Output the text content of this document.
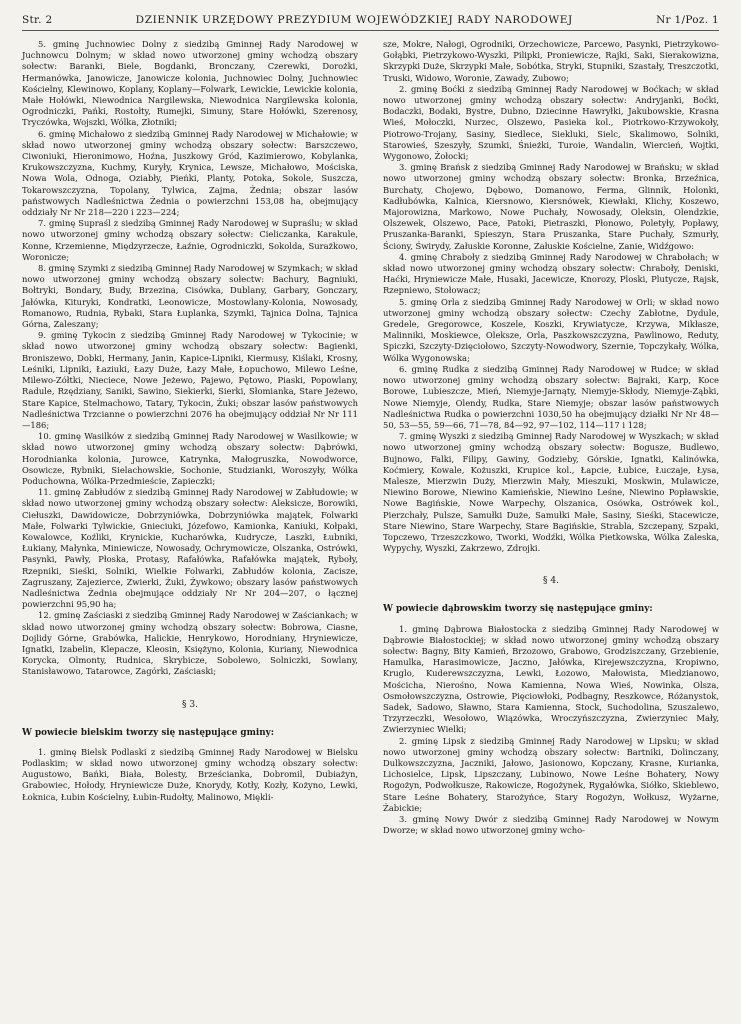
Str. 2	DZIENNIK URZĘDOWY PREZYDIUM WOJEWÓDZKIEJ RADY NARODOWEJ	Nr 1/Poz. 1

5. gminę Juchnowiec Dolny z siedzibą Gminnej Rady Narodowej w Juchnowcu Dolnym; w skład nowo utworzonej gminy wchodzą obszary sołectw: Baranki, Biele, Bogdanki, Bronczany, Czerewki, Dorożki, Hermanówka, Janowicze, Janowicze kolonia, Juchnowiec Dolny, Juchnowiec Kościelny, Klewinowo, Koplany, Koplany—Folwark, Lewickie, Lewickie kolonia, Małe Hołówki, Niewodnica Nargilewska, Niewodnica Nargilewska kolonia, Ogrodniczki, Pańki, Rostołty, Rumejki, Simuny, Stare Hołówki, Szerenosy, Tryczówka, Wojszki, Wólka, Złotniki;

6. gminę Michałowo z siedzibą Gminnej Rady Narodowej w Michałowie; w skład nowo utworzonej gminy wchodzą obszary sołectw: Barszczewo, Ciwoniuki, Hieronimowo, Hoźna, Juszkowy Gród, Kazimierowo, Kobylanka, Krukowszczyzna, Kuchmy, Kuryły, Krynica, Lewsze, Michałowo, Mościska, Nowa Wola, Odnoga, Oziabły, Pieńki, Planty, Potoka, Sokole, Suszcza, Tokarowszczyzna, Topolany, Tylwica, Zajma, Żednia; obszar lasów państwowych Nadleśnictwa Żednia o powierzchni 153,08 ha, obejmujący oddziały Nr Nr 218—220 i 223—224;

7. gminę Supraśl z siedzibą Gminnej Rady Narodowej w Supraślu; w skład nowo utworzonej gminy wchodzą obszary sołectw: Cieliczanka, Karakule, Konne, Krzemienne, Międzyrzecze, Łaźnie, Ogrodniczki, Sokolda, Surażkowo, Woronicze;

8. gminę Szymki z siedzibą Gminnej Rady Narodowej w Szymkach; w skład nowo utworzonej gminy wchodzą obszary sołectw: Bachury, Bagniuki, Bołtryki, Bondary, Budy, Brzezina, Cisówka, Dublany, Garbary, Gonczary, Jałówka, Kituryki, Kondratki, Leonowicze, Mostowlany-Kolonia, Nowosady, Romanowo, Rudnia, Rybaki, Stara Łuplanka, Szymki, Tajnica Dolna, Tajnica Górna, Zaleszany;

9. gminę Tykocin z siedzibą Gminnej Rady Narodowej w Tykocinie; w skład nowo utworzonej gminy wchodzą obszary sołectw: Bagienki, Broniszewo, Dobki, Hermany, Janin, Kapice-Lipniki, Kiermusy, Kiślaki, Krosny, Leśniki, Lipniki, Łaziuki, Łazy Duże, Łazy Małe, Łopuchowo, Milewo Leśne, Milewo-Zółtki, Nieciece, Nowe Jeżewo, Pajewo, Pętowo, Piaski, Popowlany, Radule, Rzędziany, Saniki, Sawino, Siekierki, Sierki, Słomianka, Stare Jeżewo, Stare Kapice, Stelmachowo, Tatary, Tykocin, Żuki; obszar lasów państwowych Nadleśnictwa Trzcianne o powierzchni 2076 ha obejmujący oddział Nr Nr 111—186;

10. gminę Wasilków z siedzibą Gminnej Rady Narodowej w Wasilkowie; w skład nowo utworzonej gminy wchodzą obszary sołectw: Dąbrówki, Horodnianka kolonia, Jurowce, Katrynka, Małogruszka, Nowodworce, Osowicze, Rybniki, Sielachowskie, Sochonie, Studzianki, Woroszyły, Wólka Poduchowna, Wólka-Przedmieście, Zapieczki;

11. gminę Zabłudów z siedzibą Gminnej Rady Narodowej w Zabłudowie; w skład nowo utworzonej gminy wchodzą obszary sołectw: Aleksicze, Borowiki, Ciełuszki, Dawidowicze, Dobrzyniówka, Dobrzyniówka majątek, Folwarki Małe, Folwarki Tylwickie, Gnieciuki, Józefowo, Kamionka, Kaniuki, Kołpaki, Kowalowce, Koźliki, Krynickie, Kucharówka, Kudrycze, Laszki, Łubniki, Łukiany, Małynka, Miniewicze, Nowosady, Ochrymowicze, Olszanka, Ostrówki, Pasynki, Pawły, Płoska, Protasy, Rafałówka, Rafałówka majątek, Ryboły, Rzepniki, Sieśki, Solniki, Wielkie Folwarki, Zabłudów kolonia, Zacisze, Zagruszany, Zajezierce, Zwierki, Żuki, Żywkowo; obszary lasów państwowych Nadleśnictwa Żednia obejmujące oddziały Nr Nr 204—207, o łącznej powierzchni 95,90 ha;

12. gminę Zaściaski z siedzibą Gminnej Rady Narodowej w Zaściankach; w skład nowo utworzonej gminy wchodzą obszary sołectw: Bobrowa, Ciasne, Dojlidy Górne, Grabówka, Halickie, Henrykowo, Horodniany, Hryniewicze, Ignatki, Izabelin, Klepacze, Kleosin, Księżyno, Kolonia, Kuriany, Niewodnica Korycka, Olmonty, Rudnica, Skrybicze, Sobolewo, Solniczki, Sowlany, Stanisławowo, Tatarowce, Zagórki, Zaściaski;

§ 3.

W powiecie bielskim tworzy się następujące gminy:

1. gminę Bielsk Podlaski z siedzibą Gminnej Rady Narodowej w Bielsku Podlaskim; w skład nowo utworzonej gminy wchodzą obszary sołectw: Augustowo, Bańki, Biała, Bolesty, Brześcianka, Dobromil, Dubiażyn, Grabowiec, Hołody, Hryniewicze Duże, Knorydy, Kotły, Kozły, Kożyno, Lewki, Łoknica, Łubin Kościelny, Łubin-Rudołty, Malinowo, Miękli-

sze, Mokre, Nałogi, Ogrodniki, Orzechowicze, Parcewo, Pasynki, Pietrzykowo-Gołąbki, Pietrzykowo-Wyszki, Pilipki, Proniewicze, Rajki, Saki, Sierakowizna, Skrzypki Duże, Skrzypki Małe, Sobótka, Stryki, Stupniki, Szastały, Treszczotki, Truski, Widowo, Woronie, Zawady, Zubowo;

2. gminę Boćki z siedzibą Gminnej Rady Narodowej w Boćkach; w skład nowo utworzonej gminy wchodzą obszary sołectw: Andryjanki, Boćki, Bodaczki, Bodaki, Bystre, Dubno, Dziecinne Hawryłki, Jakubowskie, Krasna Wieś, Mołoczki, Nurzec, Olszewo, Pasieka kol., Piotrkowo-Krzywokoły, Piotrowo-Trojany, Sasiny, Siedlece, Siekluki, Sielc, Skalimowo, Solniki, Starowieś, Szeszyły, Szumki, Śnieżki, Turoie, Wandalin, Wiercień, Wojtki, Wygonowo, Żołocki;

3. gminę Brańsk z siedzibą Gminnej Rady Narodowej w Brańsku; w skład nowo utworzonej gminy wchodzą obszary sołectw: Bronka, Brzeźnica, Burchaty, Chojewo, Dębowo, Domanowo, Ferma, Glinnik, Holonki, Kadłubówka, Kalnica, Kiersnowo, Kiersnówek, Kiewłaki, Klichy, Koszewo, Majorowizna, Markowo, Nowe Puchały, Nowosady, Oleksin, Olendzkie, Olszewek, Olszewo, Pace, Patoki, Pietraszki, Płonowo, Poletyły, Popławy, Pruszanka-Baranki, Spieszyn, Stara Pruszanka, Stare Puchały, Szmurły, Ściony, Świrydy, Załuskie Koronne, Załuskie Kościelne, Zanie, Widźgowo:

4. gminę Chraboły z siedzibą Gminnej Rady Narodowej w Chrabołach; w skład nowo utworzonej gminy wchodzą obszary sołectw: Chraboły, Deniski, Haćki, Hryniewicze Małe, Husaki, Jacewicze, Knorozy, Ploski, Plutycze, Rajsk, Rzepniewo, Stołowacz;

5. gminę Orla z siedzibą Gminnej Rady Narodowej w Orli; w skład nowo utworzonej gminy wchodzą obszary sołectw: Czechy Zabłotne, Dydule, Gredele, Gregorowce, Koszele, Koszki, Krywiatycze, Krzywa, Mikłasze, Malinniki, Moskiewce, Oleksze, Orla, Paszkowszczyzna, Pawlinowo, Reduty, Spiczki, Szczyty-Dzięciołowo, Szczyty-Nowodwory, Szernie, Topczykały, Wólka, Wólka Wygonowska;

6. gminę Rudka z siedzibą Gminnej Rady Narodowej w Rudce; w skład nowo utworzonej gminy wchodzą obszary sołectw: Bajraki, Karp, Koce Borowe, Lubieszcze, Mień, Niemyje-Jarnąty, Niemyje-Skłody, Niemyje-Ząbki, Nowe Niemyje, Olendy, Rudka, Stare Niemyje; obszar lasów państwowych Nadleśnictwa Rudka o powierzchni 1030,50 ha obejmujący działki Nr Nr 48—50, 53—55, 59—66, 71—78, 84—92, 97—102, 114—117 i 128;

7. gminę Wyszki z siedzibą Gminnej Rady Narodowej w Wyszkach; w skład nowo utworzonej gminy wchodzą obszary sołectw: Bogusze, Budlewo, Bujnowo, Falki, Filipy, Gawiny, Godzieby, Górskie, Ignatki, Kalinówka, Koćmiery, Kowale, Kożuszki, Krupice kol., Łapcie, Łubice, Łuczaje, Łysa, Malesze, Mierzwin Duży, Mierzwin Mały, Mieszuki, Moskwin, Mulawicze, Niewino Borowe, Niewino Kamieńskie, Niewino Leśne, Niewino Popławskie, Nowe Bagińskie, Nowe Warpechy, Olszanica, Osówka, Ostrówek kol., Pierzchały, Pulsze, Samułki Duże, Samułki Małe, Sasiny, Sieśki, Stacewicze, Stare Niewino, Stare Warpechy, Stare Bagińskie, Strabla, Szczepany, Szpaki, Topczewo, Trzeszczkowo, Tworki, Wodźki, Wólka Pietkowska, Wólka Zaleska, Wypychy, Wyszki, Zakrzewo, Zdrojki.

§ 4.

W powiecie dąbrowskim tworzy się następujące gminy:

1. gminę Dąbrowa Białostocka z siedzibą Gminnej Rady Narodowej w Dąbrowie Białostockiej; w skład nowo utworzonej gminy wchodzą obszary sołectw: Bagny, Bity Kamień, Brzozowo, Grabowo, Grodziszczany, Grzebienie, Hamulka, Harasimowicze, Jaczno, Jałówka, Kirejewszczyzna, Kropiwno, Kruglo, Kuderewszczyzna, Lewki, Łozowo, Małowista, Miedzianowo, Mościcha, Nierośno, Nowa Kamienna, Nowa Wieś, Nowinka, Olsza, Osmołowszczyzna, Ostrowie, Pięciowłoki, Podbagny, Reszkowce, Różanystok, Sadek, Sadowo, Sławno, Stara Kamienna, Stock, Suchodolina, Szuszalewo, Trzyrzeczki, Wesołowo, Wiązówka, Wroczyńszczyzna, Zwierzyniec Mały, Zwierzyniec Wielki;

2. gminę Lipsk z siedzibą Gminnej Rady Narodowej w Lipsku; w skład nowo utworzonej gminy wchodzą obszary sołectw: Bartniki, Dolinczany, Dulkowszczyzna, Jaczniki, Jałowo, Jasionowo, Kopczany, Krasne, Kurianka, Lichosielce, Lipsk, Lipszczany, Lubinowo, Nowe Leśne Bohatery, Nowy Rogożyn, Podwołkusze, Rakowicze, Rogożynek, Rygałówka, Siółko, Skieblewo, Stare Leśne Bohatery, Starożyńce, Stary Rogożyn, Wołkusz, Wyżarne, Żabickie;

3. gminę Nowy Dwór z siedzibą Gminnej Rady Narodowej w Nowym Dworze; w skład nowo utworzonej gminy wcho-
